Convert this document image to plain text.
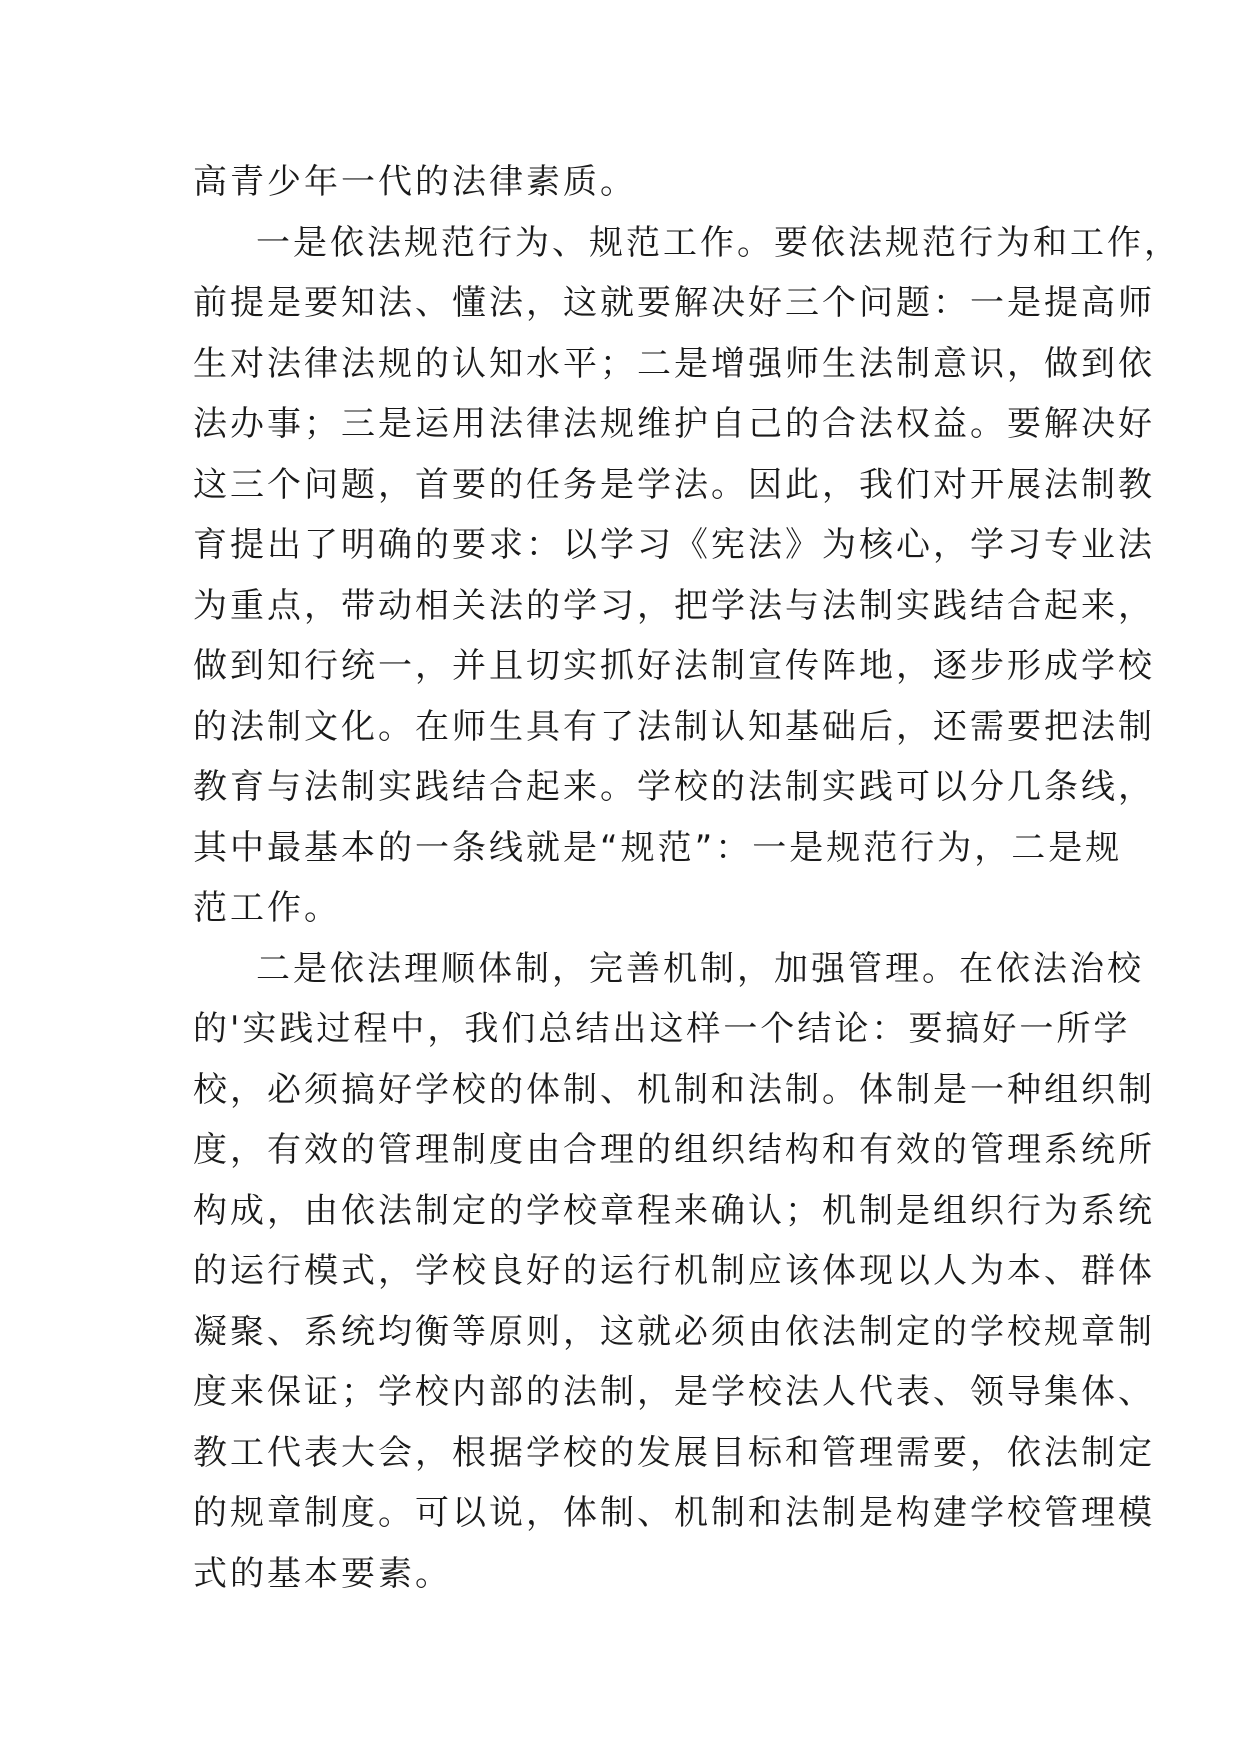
高青少年一代的法律素质。
一是依法规范行为、规范工作。要依法规范行为和工作，
前提是要知法、懂法，这就要解决好三个问题：一是提高师
生对法律法规的认知水平；二是增强师生法制意识，做到依
法办事；三是运用法律法规维护自己的合法权益。要解决好
这三个问题，首要的任务是学法。因此，我们对开展法制教
育提出了明确的要求：以学习《宪法》为核心，学习专业法
为重点，带动相关法的学习，把学法与法制实践结合起来，
做到知行统一，并且切实抓好法制宣传阵地，逐步形成学校
的法制文化。在师生具有了法制认知基础后，还需要把法制
教育与法制实践结合起来。学校的法制实践可以分几条线，
其中最基本的一条线就是“规范”：一是规范行为，二是规
范工作。
二是依法理顺体制，完善机制，加强管理。在依法治校
的'实践过程中，我们总结出这样一个结论：要搞好一所学
校，必须搞好学校的体制、机制和法制。体制是一种组织制
度，有效的管理制度由合理的组织结构和有效的管理系统所
构成，由依法制定的学校章程来确认；机制是组织行为系统
的运行模式，学校良好的运行机制应该体现以人为本、群体
凝聚、系统均衡等原则，这就必须由依法制定的学校规章制
度来保证；学校内部的法制，是学校法人代表、领导集体、
教工代表大会，根据学校的发展目标和管理需要，依法制定
的规章制度。可以说，体制、机制和法制是构建学校管理模
式的基本要素。
